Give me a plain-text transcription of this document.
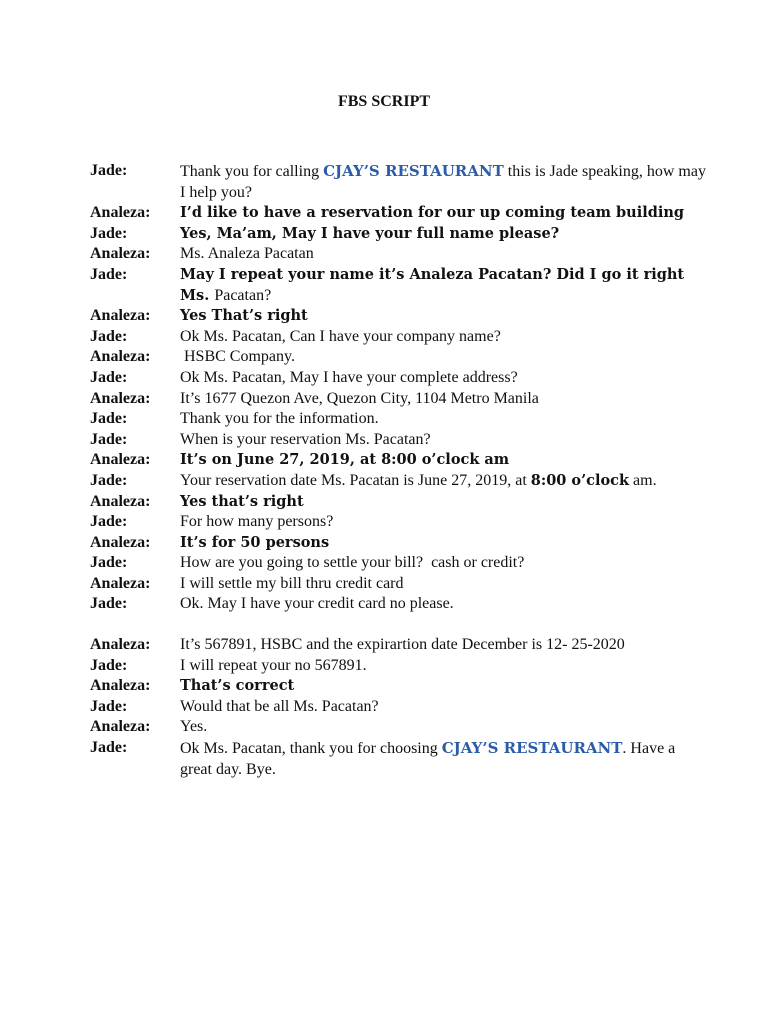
FBS SCRIPT
Jade:	Thank you for calling CJAY’S RESTAURANT this is Jade speaking, how may I help you?
Analeza:	I’d like to have a reservation for our up coming team building
Jade:	Yes, Ma’am, May I have your full name please?
Analeza:	Ms. Analeza Pacatan
Jade:	May I repeat your name it’s Analeza Pacatan? Did I go it right Ms. Pacatan?
Analeza:	Yes That’s right
Jade:	Ok Ms. Pacatan, Can I have your company name?
Analeza:	HSBC Company.
Jade:	Ok Ms. Pacatan, May I have your complete address?
Analeza:	It’s 1677 Quezon Ave, Quezon City, 1104 Metro Manila
Jade:	Thank you for the information.
Jade:	When is your reservation Ms. Pacatan?
Analeza:	It’s on June 27, 2019, at 8:00 o’clock am
Jade:	Your reservation date Ms. Pacatan is June 27, 2019, at 8:00 o’clock am.
Analeza:	Yes that’s right
Jade:	For how many persons?
Analeza:	It’s for 50 persons
Jade:	How are you going to settle your bill?  cash or credit?
Analeza:	I will settle my bill thru credit card
Jade:	Ok. May I have your credit card no please.
Analeza:	It’s 567891, HSBC and the expirartion date December is 12- 25-2020
Jade:	I will repeat your no 567891.
Analeza:	That’s correct
Jade:	Would that be all Ms. Pacatan?
Analeza:	Yes.
Jade:	Ok Ms. Pacatan, thank you for choosing CJAY’S RESTAURANT. Have a great day. Bye.
